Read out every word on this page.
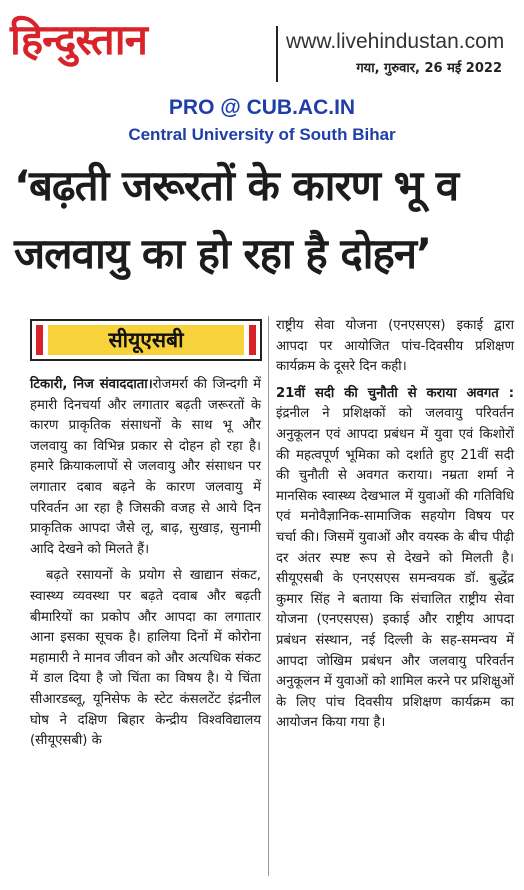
हिन्दुस्तान	www.livehindustan.com
गया, गुरुवार, 26 मई 2022
PRO @ CUB.AC.IN
Central University of South Bihar
‘बढ़ती जरूरतों के कारण भू व
जलवायु का हो रहा है दोहन’
सीयूएसबी

टिकारी, निज संवाददाता।रोजमर्रा की जिन्दगी में हमारी दिनचर्या और लगातार बढ़ती जरूरतों के कारण प्राकृतिक संसाधनों के साथ भू और जलवायु का विभिन्न प्रकार से दोहन हो रहा है। हमारे क्रियाकलापों से जलवायु और संसाधन पर लगातार दबाव बढ़ने के कारण जलवायु में परिवर्तन आ रहा है जिसकी वजह से आये दिन प्राकृतिक आपदा जैसे लू, बाढ़, सुखाड़, सुनामी आदि देखने को मिलते हैं।

बढ़ते रसायनों के प्रयोग से खाद्यान संकट, स्वास्थ्य व्यवस्था पर बढ़ते दवाब और बढ़ती बीमारियों का प्रकोप और आपदा का लगातार आना इसका सूचक है। हालिया दिनों में कोरोना महामारी ने मानव जीवन को और अत्यधिक संकट में डाल दिया है जो चिंता का विषय है। ये चिंता सीआरडब्लू, यूनिसेफ के स्टेट कंसलटेंट इंद्रनील घोष ने दक्षिण बिहार केन्द्रीय विश्वविद्यालय (सीयूएसबी) के

राष्ट्रीय सेवा योजना (एनएसएस) इकाई द्वारा आपदा पर आयोजित पांच-दिवसीय प्रशिक्षण कार्यक्रम के दूसरे दिन कही।

21वीं सदी की चुनौती से कराया अवगत : इंद्रनील ने प्रशिक्षकों को जलवायु परिवर्तन अनुकूलन एवं आपदा प्रबंधन में युवा एवं किशोरों की महत्वपूर्ण भूमिका को दर्शाते हुए 21वीं सदी की चुनौती से अवगत कराया। नम्रता शर्मा ने मानसिक स्वास्थ्य देखभाल में युवाओं की गतिविधि एवं मनोवैज्ञानिक-सामाजिक सहयोग विषय पर चर्चा की। जिसमें युवाओं और वयस्क के बीच पीढ़ी दर अंतर स्पष्ट रूप से देखने को मिलती है। सीयूएसबी के एनएसएस समन्वयक डॉ. बुद्धेंद्र कुमार सिंह ने बताया कि संचालित राष्ट्रीय सेवा योजना (एनएसएस) इकाई और राष्ट्रीय आपदा प्रबंधन संस्थान, नई दिल्ली के सह-समन्वय में आपदा जोखिम प्रबंधन और जलवायु परिवर्तन अनुकूलन में युवाओं को शामिल करने पर प्रशिक्षुओं के लिए पांच दिवसीय प्रशिक्षण कार्यक्रम का आयोजन किया गया है।
